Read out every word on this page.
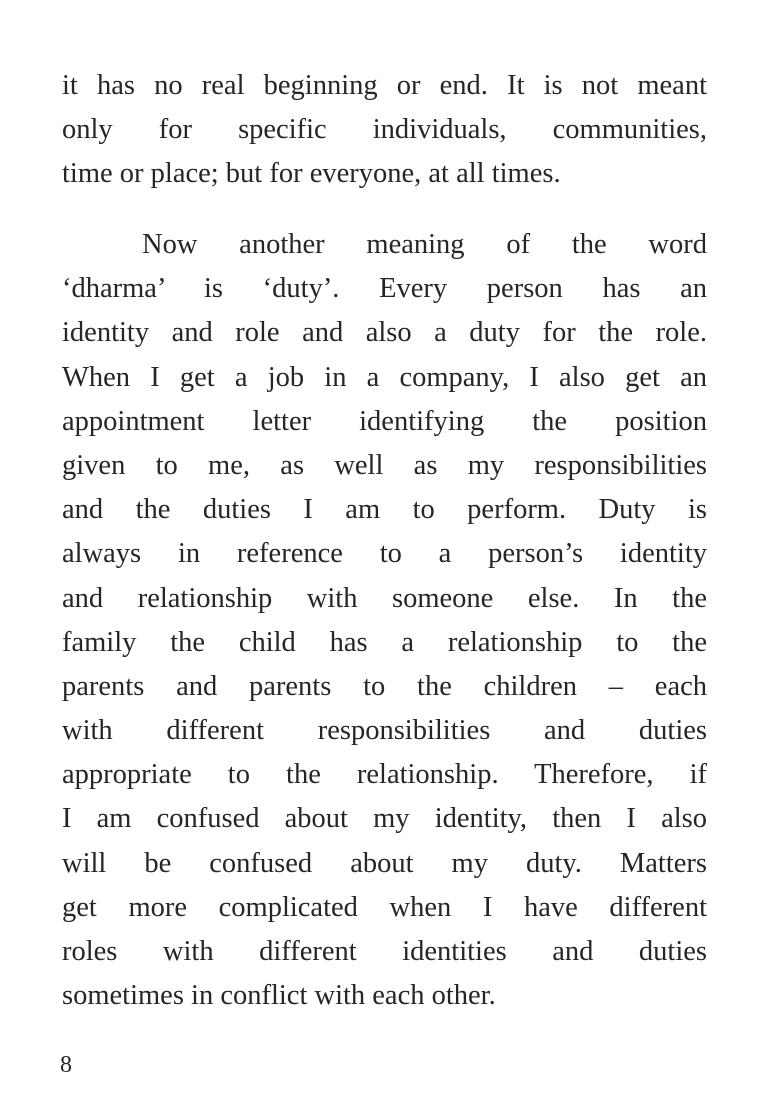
it has no real beginning or end. It is not meant
only for specific individuals, communities,
time or place; but for everyone, at all times.
Now another meaning of the word
‘dharma’ is ‘duty’. Every person has an
identity and role and also a duty for the role.
When I get a job in a company, I also get an
appointment letter identifying the position
given to me, as well as my responsibilities
and the duties I am to perform. Duty is
always in reference to a person’s identity
and relationship with someone else. In the
family the child has a relationship to the
parents and parents to the children – each
with different responsibilities and duties
appropriate to the relationship. Therefore, if
I am confused about my identity, then I also
will be confused about my duty. Matters
get more complicated when I have different
roles with different identities and duties
sometimes in conflict with each other.
8
